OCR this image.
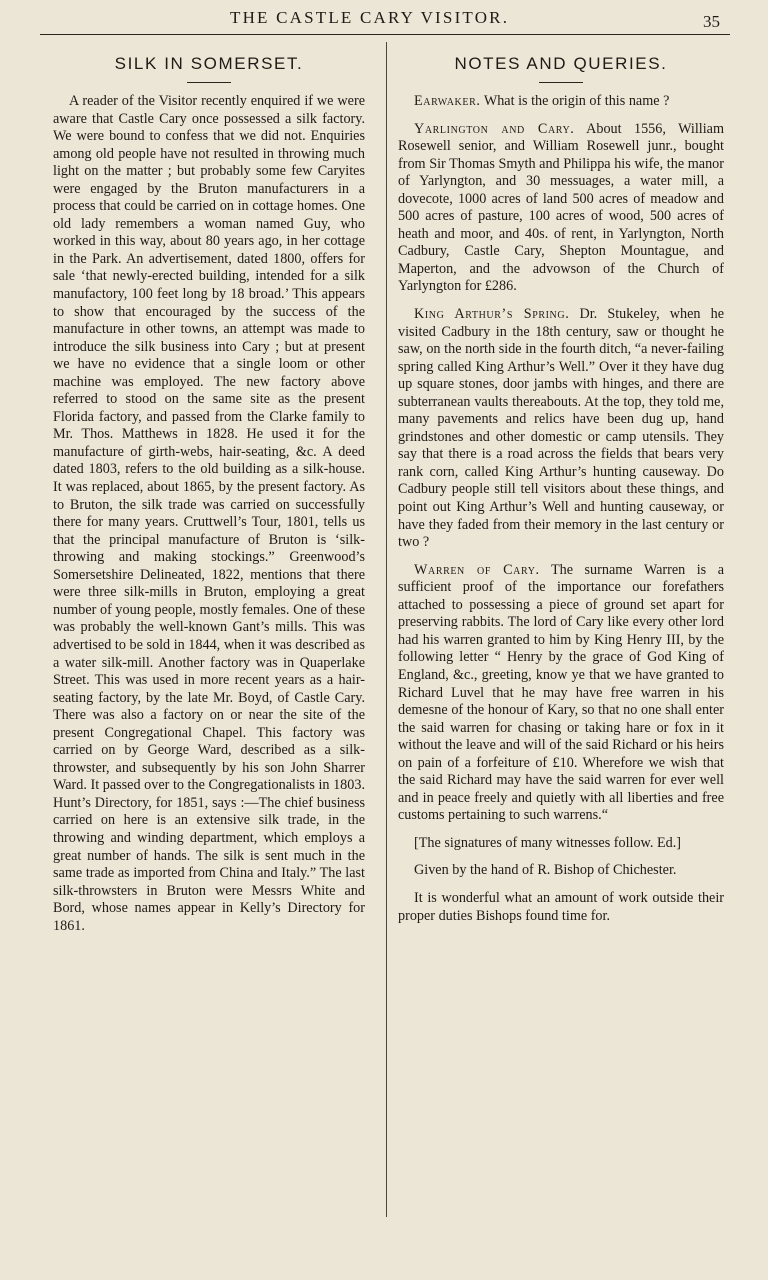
THE CASTLE CARY VISITOR.	35
SILK IN SOMERSET.

A reader of the Visitor recently enquired if we were aware that Castle Cary once possessed a silk factory. We were bound to confess that we did not. Enquiries among old people have not resulted in throwing much light on the matter ; but probably some few Caryites were engaged by the Bruton manufacturers in a process that could be carried on in cottage homes. One old lady remembers a woman named Guy, who worked in this way, about 80 years ago, in her cottage in the Park. An advertisement, dated 1800, offers for sale ‘that newly-erected building, intended for a silk manufactory, 100 feet long by 18 broad.’ This appears to show that encouraged by the success of the manufacture in other towns, an attempt was made to introduce the silk business into Cary ; but at present we have no evidence that a single loom or other machine was employed. The new factory above referred to stood on the same site as the present Florida factory, and passed from the Clarke family to Mr. Thos. Matthews in 1828. He used it for the manufacture of girth-webs, hair-seating, &c. A deed dated 1803, refers to the old building as a silk-house. It was replaced, about 1865, by the present factory. As to Bruton, the silk trade was carried on successfully there for many years. Cruttwell’s Tour, 1801, tells us that the principal manufacture of Bruton is ‘silk-throwing and making stockings.” Greenwood’s Somersetshire Delineated, 1822, mentions that there were three silk-mills in Bruton, employing a great number of young people, mostly females. One of these was probably the well-known Gant’s mills. This was advertised to be sold in 1844, when it was described as a water silk-mill. Another factory was in Quaperlake Street. This was used in more recent years as a hair-seating factory, by the late Mr. Boyd, of Castle Cary. There was also a factory on or near the site of the present Congregational Chapel. This factory was carried on by George Ward, described as a silk-throwster, and subsequently by his son John Sharrer Ward. It passed over to the Congregationalists in 1803. Hunt’s Directory, for 1851, says :—The chief business carried on here is an extensive silk trade, in the throwing and winding department, which employs a great number of hands. The silk is sent much in the same trade as imported from China and Italy.” The last silk-throwsters in Bruton were Messrs White and Bord, whose names appear in Kelly’s Directory for 1861.

NOTES AND QUERIES.

Earwaker. What is the origin of this name ?

Yarlington and Cary. About 1556, William Rosewell senior, and William Rosewell junr., bought from Sir Thomas Smyth and Philippa his wife, the manor of Yarlyngton, and 30 messuages, a water mill, a dovecote, 1000 acres of land 500 acres of meadow and 500 acres of pasture, 100 acres of wood, 500 acres of heath and moor, and 40s. of rent, in Yarlyngton, North Cadbury, Castle Cary, Shepton Mountague, and Maperton, and the advowson of the Church of Yarlyngton for £286.

King Arthur’s Spring. Dr. Stukeley, when he visited Cadbury in the 18th century, saw or thought he saw, on the north side in the fourth ditch, “a never-failing spring called King Arthur’s Well.” Over it they have dug up square stones, door jambs with hinges, and there are subterranean vaults thereabouts. At the top, they told me, many pavements and relics have been dug up, hand grindstones and other domestic or camp utensils. They say that there is a road across the fields that bears very rank corn, called King Arthur’s hunting causeway. Do Cadbury people still tell visitors about these things, and point out King Arthur’s Well and hunting causeway, or have they faded from their memory in the last century or two ?

Warren of Cary. The surname Warren is a sufficient proof of the importance our forefathers attached to possessing a piece of ground set apart for preserving rabbits. The lord of Cary like every other lord had his warren granted to him by King Henry III, by the following letter “ Henry by the grace of God King of England, &c., greeting, know ye that we have granted to Richard Luvel that he may have free warren in his demesne of the honour of Kary, so that no one shall enter the said warren for chasing or taking hare or fox in it without the leave and will of the said Richard or his heirs on pain of a forfeiture of £10. Wherefore we wish that the said Richard may have the said warren for ever well and in peace freely and quietly with all liberties and free customs pertaining to such warrens.“

[The signatures of many witnesses follow. Ed.]

Given by the hand of R. Bishop of Chichester.

It is wonderful what an amount of work outside their proper duties Bishops found time for.
